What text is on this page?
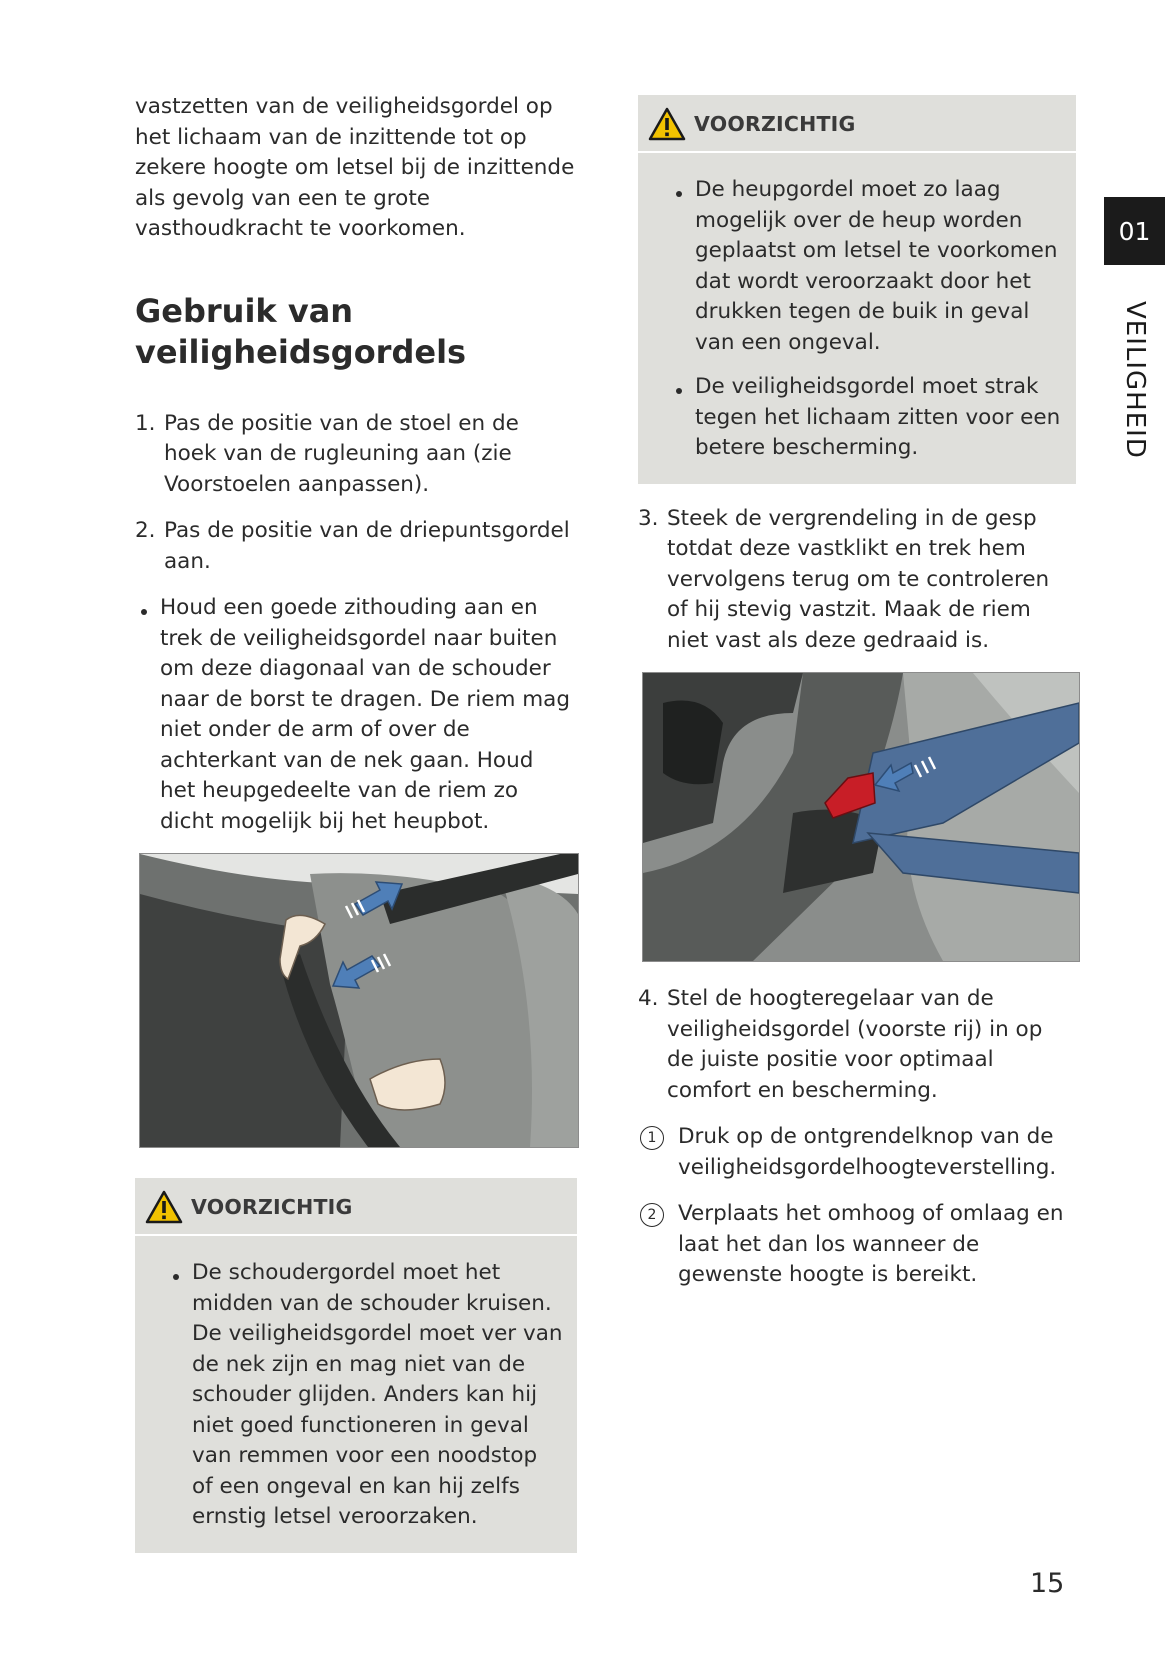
vastzetten van de veiligheidsgordel op het lichaam van de inzittende tot op zekere hoogte om letsel bij de inzittende als gevolg van een te grote vasthoudkracht te voorkomen.

Gebruik van veiligheidsgordels
1. Pas de positie van de stoel en de hoek van de rugleuning aan (zie Voorstoelen aanpassen).
2. Pas de positie van de driepuntsgordel aan.
Houd een goede zithouding aan en trek de veiligheidsgordel naar buiten om deze diagonaal van de schouder naar de borst te dragen. De riem mag niet onder de arm of over de achterkant van de nek gaan. Houd het heupgedeelte van de riem zo dicht mogelijk bij het heupbot.
VOORZICHTIG
De schoudergordel moet het midden van de schouder kruisen. De veiligheidsgordel moet ver van de nek zijn en mag niet van de schouder glijden. Anders kan hij niet goed functioneren in geval van remmen voor een noodstop of een ongeval en kan hij zelfs ernstig letsel veroorzaken.
VOORZICHTIG
De heupgordel moet zo laag mogelijk over de heup worden geplaatst om letsel te voorkomen dat wordt veroorzaakt door het drukken tegen de buik in geval van een ongeval.
De veiligheidsgordel moet strak tegen het lichaam zitten voor een betere bescherming.
3. Steek de vergrendeling in de gesp totdat deze vastklikt en trek hem vervolgens terug om te controleren of hij stevig vastzit. Maak de riem niet vast als deze gedraaid is.
4. Stel de hoogteregelaar van de veiligheidsgordel (voorste rij) in op de juiste positie voor optimaal comfort en bescherming.
1	Druk op de ontgrendelknop van de veiligheidsgordelhoogteverstelling.
2	Verplaats het omhoog of omlaag en laat het dan los wanneer de gewenste hoogte is bereikt.
01
VEILIGHEID
15
